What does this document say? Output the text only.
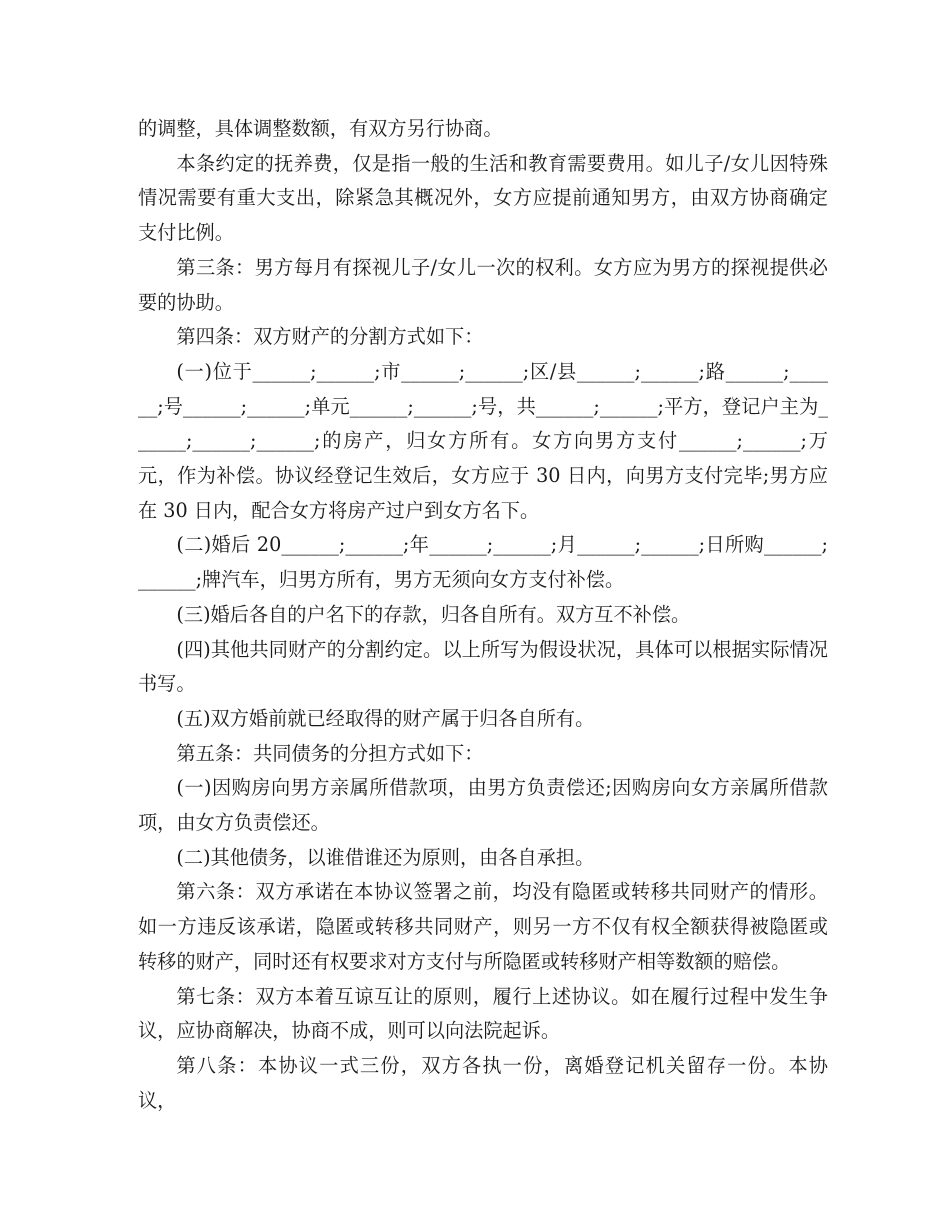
的调整，具体调整数额，有双方另行协商。

本条约定的抚养费，仅是指一般的生活和教育需要费用。如儿子/女儿因特殊情况需要有重大支出，除紧急其概况外，女方应提前通知男方，由双方协商确定支付比例。

第三条：男方每月有探视儿子/女儿一次的权利。女方应为男方的探视提供必要的协助。

第四条：双方财产的分割方式如下：

(一)位于______;______;市______;______;区/县______;______;路______;______;号______;______;单元______;______;号，共______;______;平方，登记户主为______;______;______;的房产，归女方所有。女方向男方支付______;______;万元，作为补偿。协议经登记生效后，女方应于 30 日内，向男方支付完毕;男方应在 30 日内，配合女方将房产过户到女方名下。

(二)婚后 20______;______;年______;______;月______;______;日所购______;______;牌汽车，归男方所有，男方无须向女方支付补偿。

(三)婚后各自的户名下的存款，归各自所有。双方互不补偿。

(四)其他共同财产的分割约定。以上所写为假设状况，具体可以根据实际情况书写。

(五)双方婚前就已经取得的财产属于归各自所有。

第五条：共同债务的分担方式如下：

(一)因购房向男方亲属所借款项，由男方负责偿还;因购房向女方亲属所借款项，由女方负责偿还。

(二)其他债务，以谁借谁还为原则，由各自承担。

第六条：双方承诺在本协议签署之前，均没有隐匿或转移共同财产的情形。如一方违反该承诺，隐匿或转移共同财产，则另一方不仅有权全额获得被隐匿或转移的财产，同时还有权要求对方支付与所隐匿或转移财产相等数额的赔偿。

第七条：双方本着互谅互让的原则，履行上述协议。如在履行过程中发生争议，应协商解决，协商不成，则可以向法院起诉。

第八条：本协议一式三份，双方各执一份，离婚登记机关留存一份。本协议，
